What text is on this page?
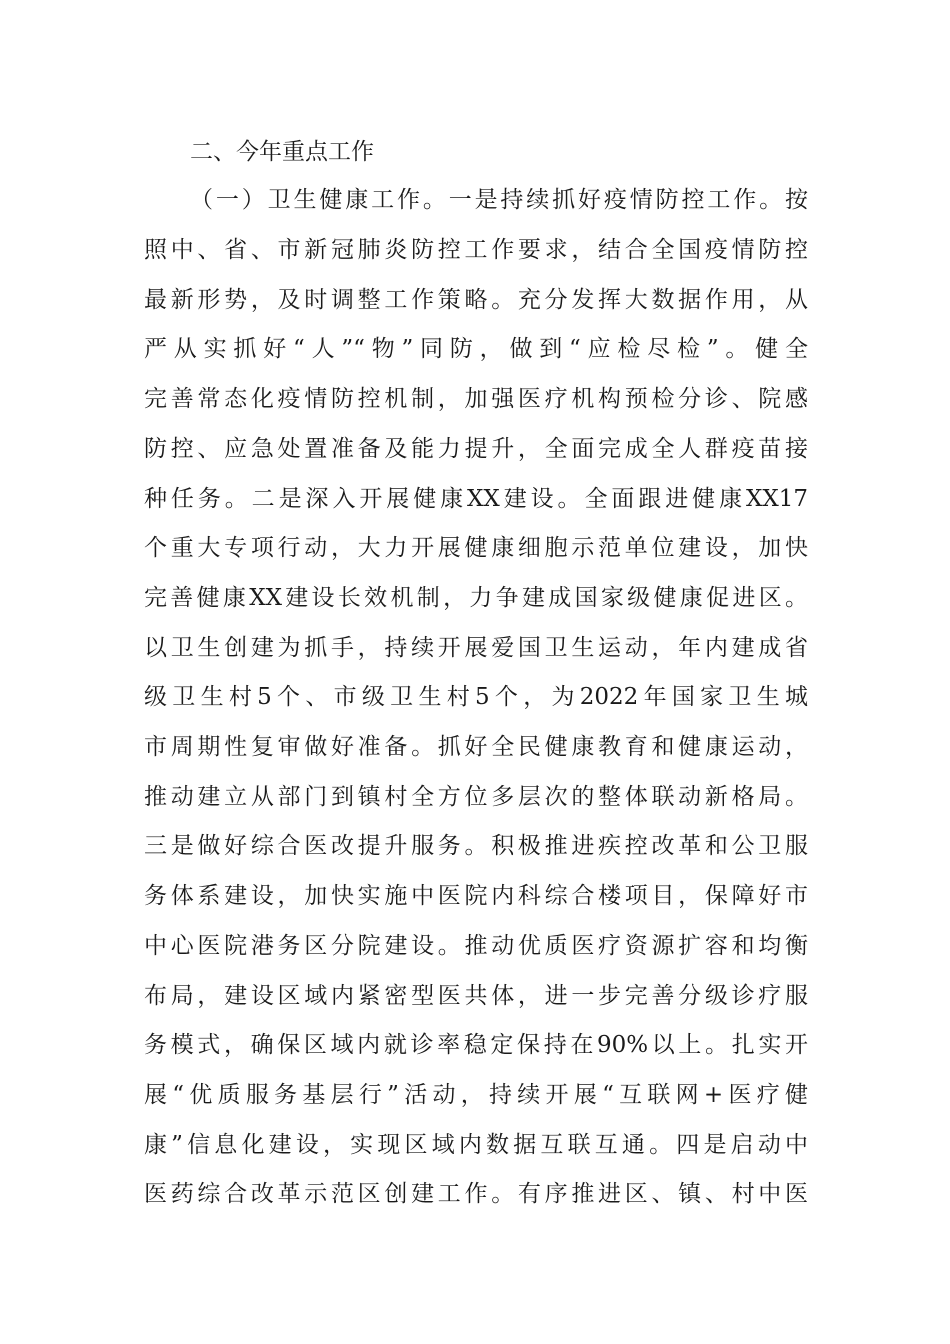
二、今年重点工作
（一）卫生健康工作。一是持续抓好疫情防控工作。按
照中、省、市新冠肺炎防控工作要求，结合全国疫情防控
最新形势，及时调整工作策略。充分发挥大数据作用，从
严从实抓好“人”“物”同防，做到“应检尽检”。健全
完善常态化疫情防控机制，加强医疗机构预检分诊、院感
防控、应急处置准备及能力提升，全面完成全人群疫苗接
种任务。二是深入开展健康XX建设。全面跟进健康XX17
个重大专项行动，大力开展健康细胞示范单位建设，加快
完善健康XX建设长效机制，力争建成国家级健康促进区。
以卫生创建为抓手，持续开展爱国卫生运动，年内建成省
级卫生村5个、市级卫生村5个，为2022年国家卫生城
市周期性复审做好准备。抓好全民健康教育和健康运动，
推动建立从部门到镇村全方位多层次的整体联动新格局。
三是做好综合医改提升服务。积极推进疾控改革和公卫服
务体系建设，加快实施中医院内科综合楼项目，保障好市
中心医院港务区分院建设。推动优质医疗资源扩容和均衡
布局，建设区域内紧密型医共体，进一步完善分级诊疗服
务模式，确保区域内就诊率稳定保持在90%以上。扎实开
展“优质服务基层行”活动，持续开展“互联网+医疗健
康”信息化建设，实现区域内数据互联互通。四是启动中
医药综合改革示范区创建工作。有序推进区、镇、村中医
